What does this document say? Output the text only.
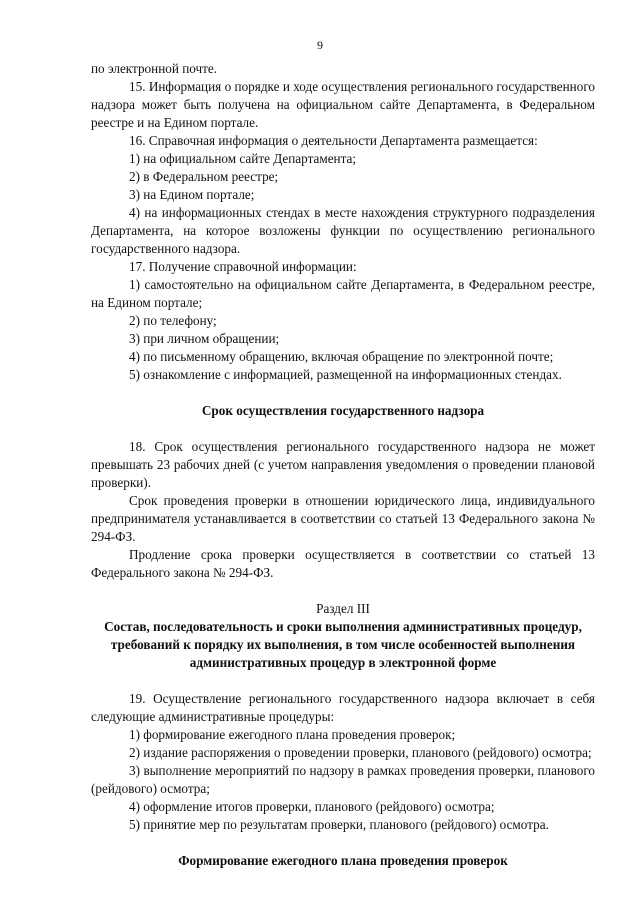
9

по электронной почте.

15. Информация о порядке и ходе осуществления регионального государственного надзора может быть получена на официальном сайте Департамента, в Федеральном реестре и на Едином портале.

16. Справочная информация о деятельности Департамента размещается:

1) на официальном сайте Департамента;

2) в Федеральном реестре;

3) на Едином портале;

4) на информационных стендах в месте нахождения структурного подразделения Департамента, на которое возложены функции по осуществлению регионального государственного надзора.

17. Получение справочной информации:

1) самостоятельно на официальном сайте Департамента, в Федеральном реестре, на Едином портале;

2) по телефону;

3) при личном обращении;

4) по письменному обращению, включая обращение по электронной почте;

5) ознакомление с информацией, размещенной на информационных стендах.

Срок осуществления государственного надзора

18. Срок осуществления регионального государственного надзора не может превышать 23 рабочих дней (с учетом направления уведомления о проведении плановой проверки).

Срок проведения проверки в отношении юридического лица, индивидуального предпринимателя устанавливается в соответствии со статьей 13 Федерального закона № 294-ФЗ.

Продление срока проверки осуществляется в соответствии со статьей 13 Федерального закона № 294-ФЗ.

Раздел III

Состав, последовательность и сроки выполнения административных процедур, требований к порядку их выполнения, в том числе особенностей выполнения административных процедур в электронной форме

19. Осуществление регионального государственного надзора включает в себя следующие административные процедуры:

1) формирование ежегодного плана проведения проверок;

2) издание распоряжения о проведении проверки, планового (рейдового) осмотра;

3) выполнение мероприятий по надзору в рамках проведения проверки, планового (рейдового) осмотра;

4) оформление итогов проверки, планового (рейдового) осмотра;

5) принятие мер по результатам проверки, планового (рейдового) осмотра.

Формирование ежегодного плана проведения проверок
